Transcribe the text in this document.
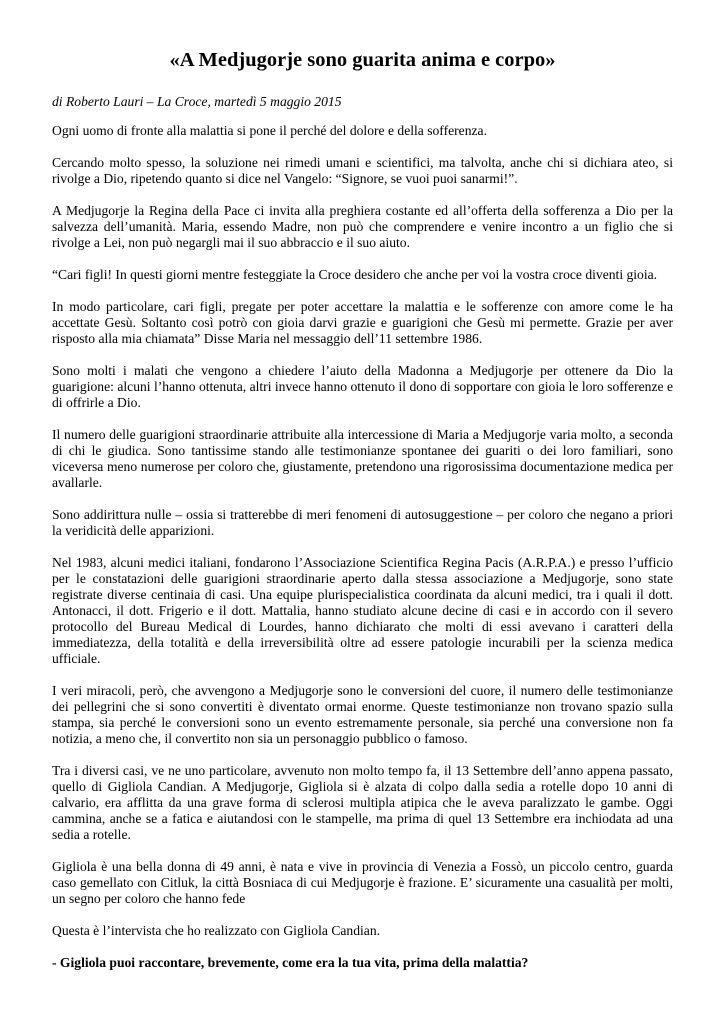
«A Medjugorje sono guarita anima e corpo»

di Roberto Lauri – La Croce, martedì 5 maggio 2015

Ogni uomo di fronte alla malattia si pone il perché del dolore e della sofferenza.

Cercando molto spesso, la soluzione nei rimedi umani e scientifici, ma talvolta, anche chi si dichiara ateo, si rivolge a Dio, ripetendo quanto si dice nel Vangelo: “Signore, se vuoi puoi sanarmi!”.

A Medjugorje la Regina della Pace ci invita alla preghiera costante ed all’offerta della sofferenza a Dio per la salvezza dell’umanità. Maria, essendo Madre, non può che comprendere e venire incontro a un figlio che si rivolge a Lei, non può negargli mai il suo abbraccio e il suo aiuto.

“Cari figli! In questi giorni mentre festeggiate la Croce desidero che anche per voi la vostra croce diventi gioia.

In modo particolare, cari figli, pregate per poter accettare la malattia e le sofferenze con amore come le ha accettate Gesù. Soltanto così potrò con gioia darvi grazie e guarigioni che Gesù mi permette. Grazie per aver risposto alla mia chiamata” Disse Maria nel messaggio dell’11 settembre 1986.

Sono molti i malati che vengono a chiedere l’aiuto della Madonna a Medjugorje per ottenere da Dio la guarigione: alcuni l’hanno ottenuta, altri invece hanno ottenuto il dono di sopportare con gioia le loro sofferenze e di offrirle a Dio.

Il numero delle guarigioni straordinarie attribuite alla intercessione di Maria a Medjugorje varia molto, a seconda di chi le giudica. Sono tantissime stando alle testimonianze spontanee dei guariti o dei loro familiari, sono viceversa meno numerose per coloro che, giustamente, pretendono una rigorosissima documentazione medica per avallarle.

Sono addirittura nulle – ossia si tratterebbe di meri fenomeni di autosuggestione – per coloro che negano a priori la veridicità delle apparizioni.

Nel 1983, alcuni medici italiani, fondarono l’Associazione Scientifica Regina Pacis (A.R.P.A.) e presso l’ufficio per le constatazioni delle guarigioni straordinarie aperto dalla stessa associazione a Medjugorje, sono state registrate diverse centinaia di casi. Una equipe plurispecialistica coordinata da alcuni medici, tra i quali il dott. Antonacci, il dott. Frigerio e il dott. Mattalia, hanno studiato alcune decine di casi e in accordo con il severo protocollo del Bureau Medical di Lourdes, hanno dichiarato che molti di essi avevano i caratteri della immediatezza, della totalità e della irreversibilità oltre ad essere patologie incurabili per la scienza medica ufficiale.

I veri miracoli, però, che avvengono a Medjugorje sono le conversioni del cuore, il numero delle testimonianze dei pellegrini che si sono convertiti è diventato ormai enorme. Queste testimonianze non trovano spazio sulla stampa, sia perché le conversioni sono un evento estremamente personale, sia perché una conversione non fa notizia, a meno che, il convertito non sia un personaggio pubblico o famoso.

Tra i diversi casi, ve ne uno particolare, avvenuto non molto tempo fa, il 13 Settembre dell’anno appena passato, quello di Gigliola Candian. A Medjugorje, Gigliola si è alzata di colpo dalla sedia a rotelle dopo 10 anni di calvario, era afflitta da una grave forma di sclerosi multipla atipica che le aveva paralizzato le gambe. Oggi cammina, anche se a fatica e aiutandosi con le stampelle, ma prima di quel 13 Settembre era inchiodata ad una sedia a rotelle.

Gigliola è una bella donna di 49 anni, è nata e vive in provincia di Venezia a Fossò, un piccolo centro, guarda caso gemellato con Citluk, la città Bosniaca di cui Medjugorje è frazione. E’ sicuramente una casualità per molti, un segno per coloro che hanno fede

Questa è l’intervista che ho realizzato con Gigliola Candian.

- Gigliola puoi raccontare, brevemente, come era la tua vita, prima della malattia?
